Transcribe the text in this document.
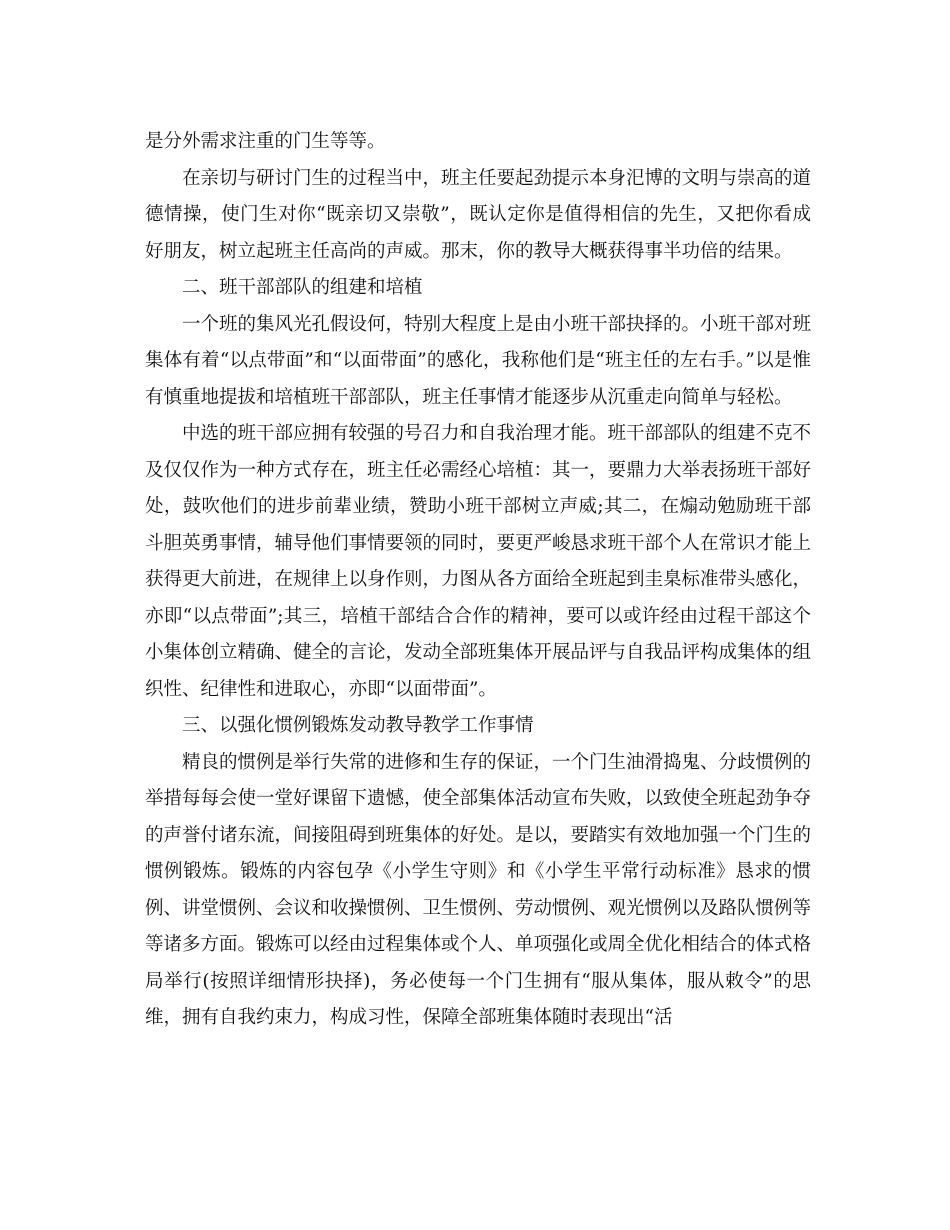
是分外需求注重的门生等等。

在亲切与研讨门生的过程当中，班主任要起劲提示本身汜博的文明与崇高的道德情操，使门生对你“既亲切又崇敬”，既认定你是值得相信的先生，又把你看成好朋友，树立起班主任高尚的声威。那末，你的教导大概获得事半功倍的结果。

二、班干部部队的组建和培植

一个班的集风光孔假设何，特别大程度上是由小班干部抉择的。小班干部对班集体有着“以点带面”和“以面带面”的感化，我称他们是“班主任的左右手。”以是惟有慎重地提拔和培植班干部部队，班主任事情才能逐步从沉重走向简单与轻松。

中选的班干部应拥有较强的号召力和自我治理才能。班干部部队的组建不克不及仅仅作为一种方式存在，班主任必需经心培植：其一，要鼎力大举表扬班干部好处，鼓吹他们的进步前辈业绩，赞助小班干部树立声威;其二，在煽动勉励班干部斗胆英勇事情，辅导他们事情要领的同时，要更严峻恳求班干部个人在常识才能上获得更大前进，在规律上以身作则，力图从各方面给全班起到圭臬标准带头感化，亦即“以点带面”;其三，培植干部结合合作的精神，要可以或许经由过程干部这个小集体创立精确、健全的言论，发动全部班集体开展品评与自我品评构成集体的组织性、纪律性和进取心，亦即“以面带面”。

三、以强化惯例锻炼发动教导教学工作事情

精良的惯例是举行失常的进修和生存的保证，一个门生油滑捣鬼、分歧惯例的举措每每会使一堂好课留下遗憾，使全部集体活动宣布失败，以致使全班起劲争夺的声誉付诸东流，间接阻碍到班集体的好处。是以，要踏实有效地加强一个门生的惯例锻炼。锻炼的内容包孕《小学生守则》和《小学生平常行动标准》恳求的惯例、讲堂惯例、会议和收操惯例、卫生惯例、劳动惯例、观光惯例以及路队惯例等等诸多方面。锻炼可以经由过程集体或个人、单项强化或周全优化相结合的体式格局举行(按照详细情形抉择)，务必使每一个门生拥有“服从集体，服从敕令”的思维，拥有自我约束力，构成习性，保障全部班集体随时表现出“活
